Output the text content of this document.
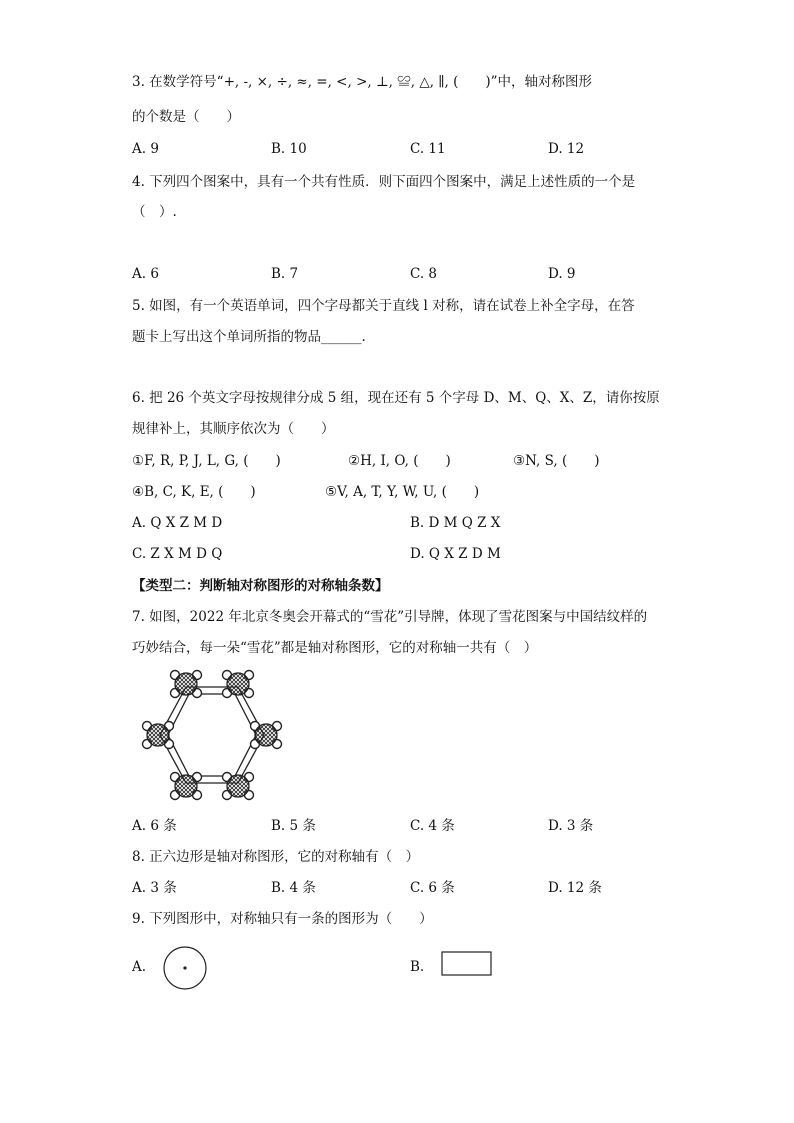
3. 在数学符号“+, -, ×, ÷, ≈, =, <, >, ⊥, ≌, △, ∥, (　　)”中，轴对称图形
的个数是（　　）
A. 9	B. 10	C. 11	D. 12
4. 下列四个图案中，具有一个共有性质．则下面四个图案中，满足上述性质的一个是
（　）.
A. 6	B. 7	C. 8	D. 9
5. 如图，有一个英语单词，四个字母都关于直线 l 对称，请在试卷上补全字母，在答
题卡上写出这个单词所指的物品______.
6. 把 26 个英文字母按规律分成 5 组，现在还有 5 个字母 D、M、Q、X、Z，请你按原
规律补上，其顺序依次为（　　）
①F, R, P, J, L, G, (　　)	②H, I, O, (　　)	③N, S, (　　)
④B, C, K, E, (　　)	⑤V, A, T, Y, W, U, (　　)
A. Q X Z M D	B. D M Q Z X
C. Z X M D Q	D. Q X Z D M
【类型二：判断轴对称图形的对称轴条数】
7. 如图，2022 年北京冬奥会开幕式的“雪花”引导牌，体现了雪花图案与中国结纹样的
巧妙结合，每一朵“雪花”都是轴对称图形，它的对称轴一共有（　）
A. 6 条	B. 5 条	C. 4 条	D. 3 条
8. 正六边形是轴对称图形，它的对称轴有（　）
A. 3 条	B. 4 条	C. 6 条	D. 12 条
9. 下列图形中，对称轴只有一条的图形为（　　）
A.	B.
